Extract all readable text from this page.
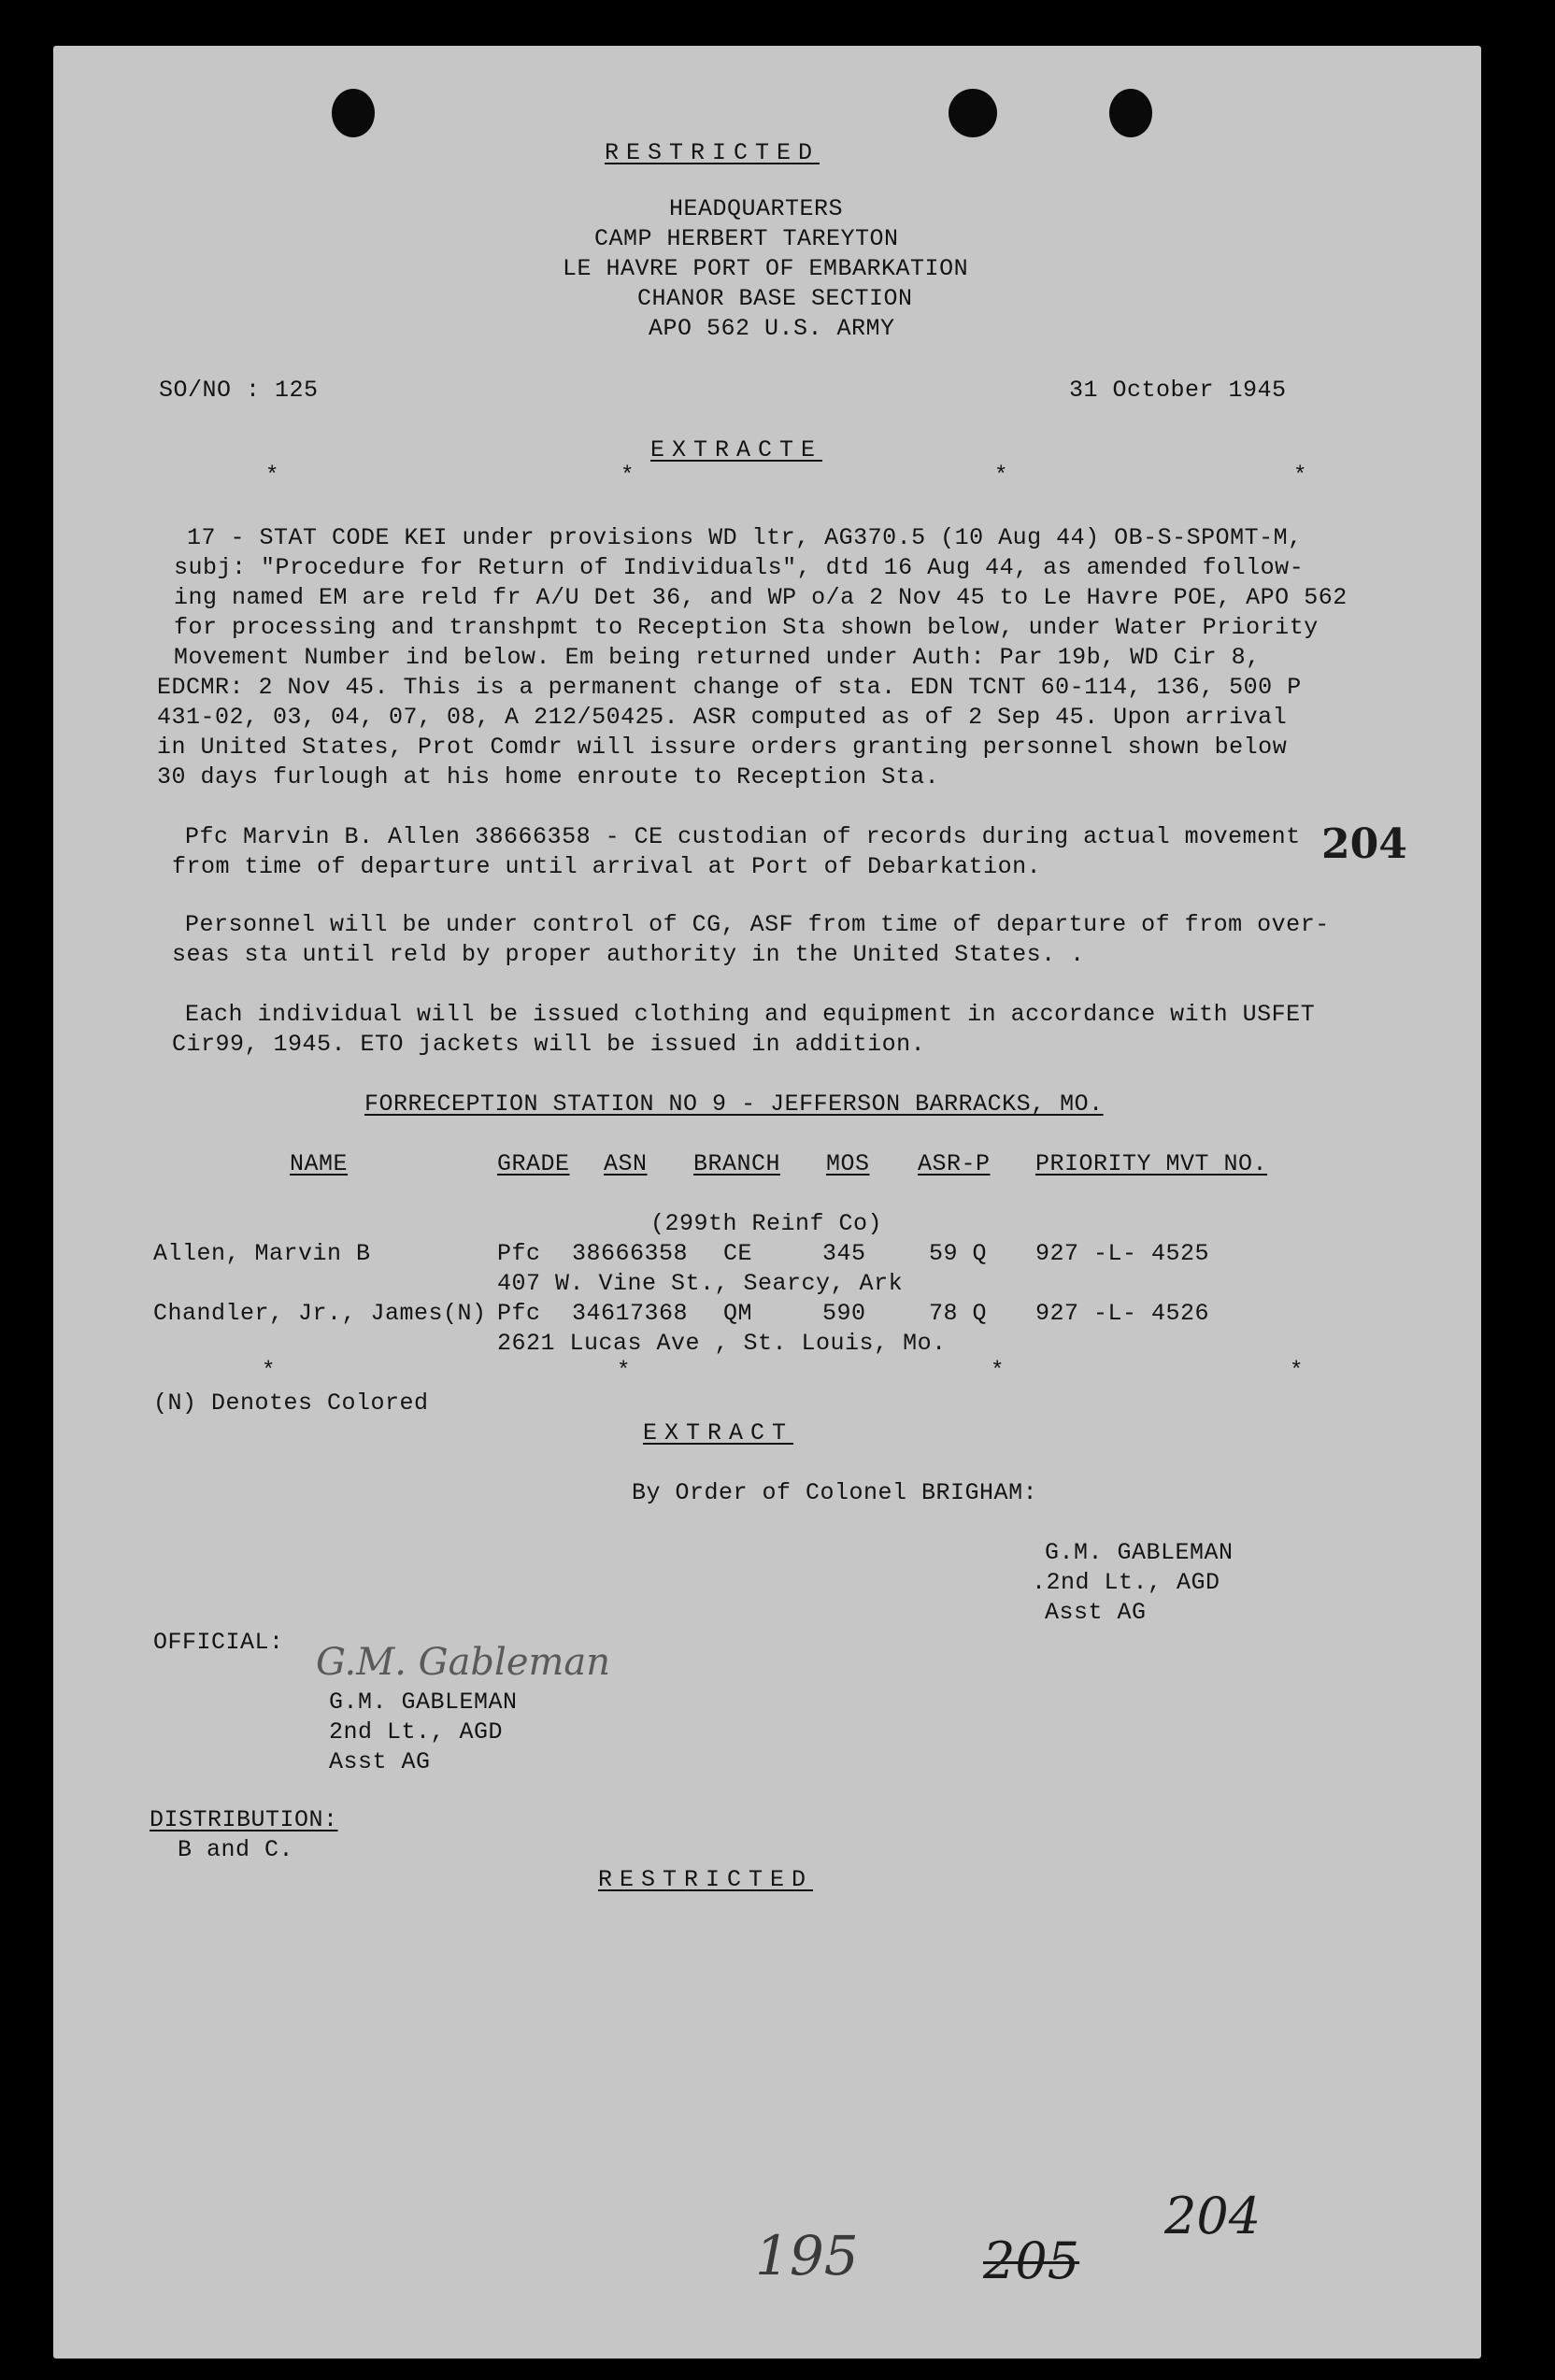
RESTRICTED
HEADQUARTERS
CAMP HERBERT TAREYTON
LE HAVRE PORT OF EMBARKATION
CHANOR BASE SECTION
APO 562 U.S. ARMY
SO/NO : 125	31 October 1945
EXTRACTE
*	*	*	*
17 - STAT CODE KEI under provisions WD ltr, AG370.5 (10 Aug 44) OB-S-SPOMT-M,
subj: "Procedure for Return of Individuals", dtd 16 Aug 44, as amended follow-
ing named EM are reld fr A/U Det 36, and WP o/a 2 Nov 45 to Le Havre POE, APO 562
for processing and transhpmt to Reception Sta shown below, under Water Priority
Movement Number ind below. Em being returned under Auth: Par 19b, WD Cir 8,
EDCMR: 2 Nov 45. This is a permanent change of sta. EDN TCNT 60-114, 136, 500 P
431-02, 03, 04, 07, 08, A 212/50425. ASR computed as of 2 Sep 45. Upon arrival
in United States, Prot Comdr will issure orders granting personnel shown below
30 days furlough at his home enroute to Reception Sta.
Pfc Marvin B. Allen 38666358 - CE custodian of records during actual movement
from time of departure until arrival at Port of Debarkation.	204
Personnel will be under control of CG, ASF from time of departure of from over-
seas sta until reld by proper authority in the United States. .
Each individual will be issued clothing and equipment in accordance with USFET
Cir99, 1945. ETO jackets will be issued in addition.
FORRECEPTION STATION NO 9 - JEFFERSON BARRACKS, MO.
NAME	GRADE ASN BRANCH MOS ASR-P PRIORITY MVT NO.
(299th Reinf Co)
Allen, Marvin B	Pfc 38666358 CE	345	59 Q 927 -L- 4525
407 W. Vine St., Searcy, Ark
Chandler, Jr., James(N) Pfc 34617368 QM	590	78 Q 927 -L- 4526
2621 Lucas Ave , St. Louis, Mo.
*	*	*	*
(N) Denotes Colored
EXTRACT
By Order of Colonel BRIGHAM:
G.M. GABLEMAN
.2nd Lt., AGD
Asst AG
OFFICIAL: G.M. Gableman
G.M. GABLEMAN
2nd Lt., AGD
Asst AG
DISTRIBUTION:
B and C.
RESTRICTED
195 205
204
